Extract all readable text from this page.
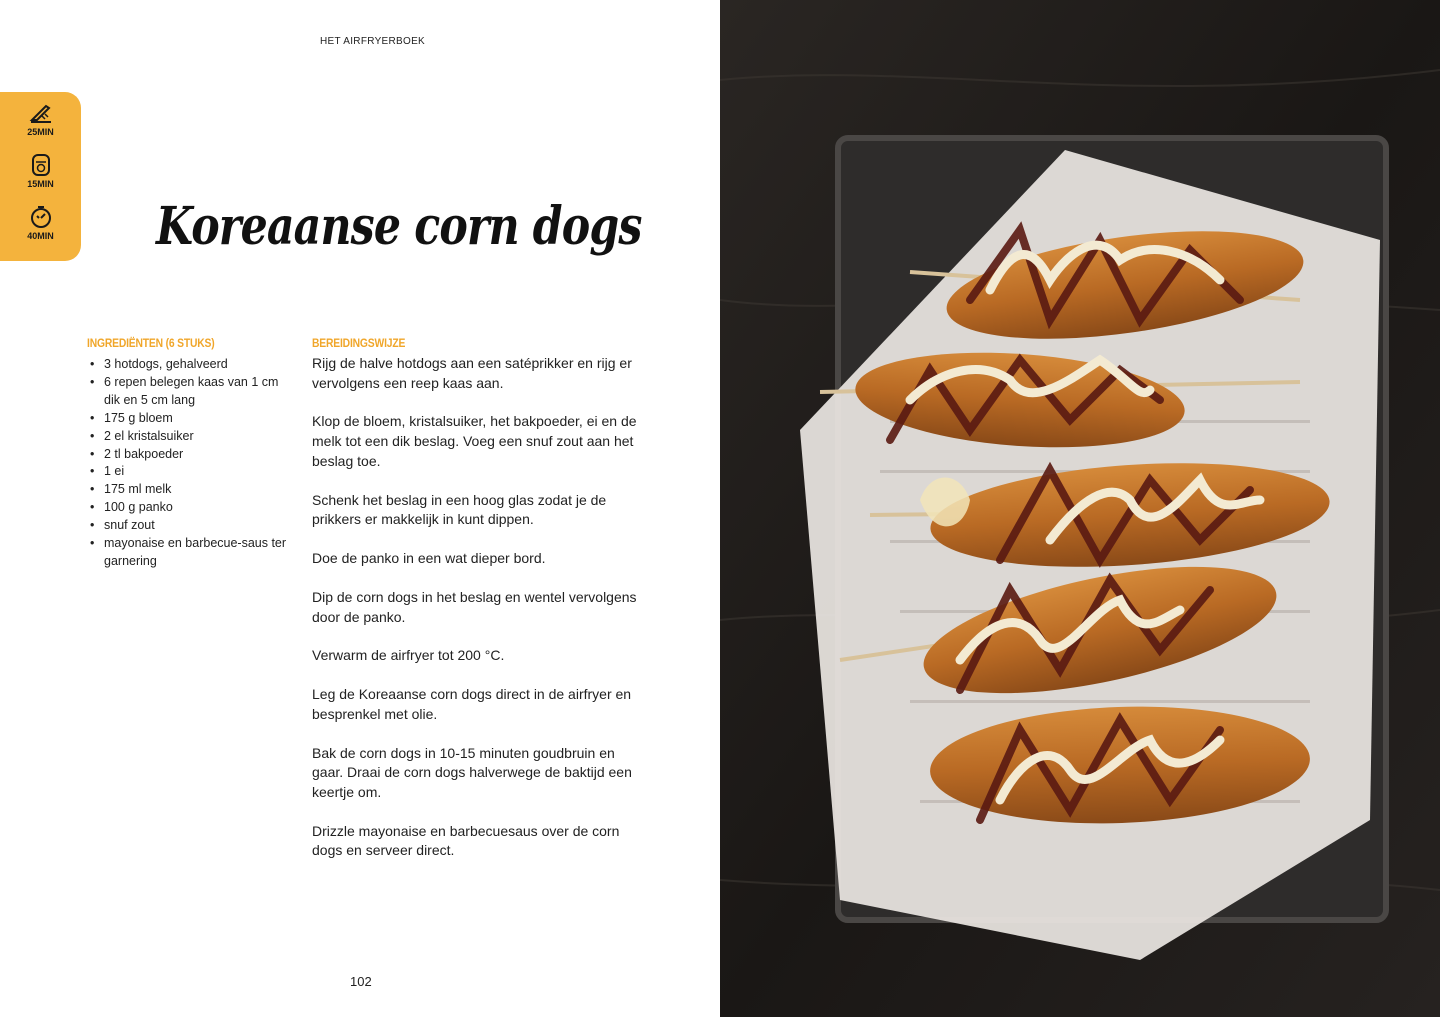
HET AIRFRYERBOEK
25MIN
15MIN
40MIN	Koreaanse corn dogs
INGREDIËNTEN (6 STUKS)
• 3 hotdogs, gehalveerd
• 6 repen belegen kaas van 1 cm dik en 5 cm lang
• 175 g bloem
• 2 el kristalsuiker
• 2 tl bakpoeder
• 1 ei
• 175 ml melk
• 100 g panko
• snuf zout
• mayonaise en barbecue-saus ter garnering
BEREIDINGSWIJZE

Rijg de halve hotdogs aan een satéprikker en rijg er vervolgens een reep kaas aan.

Klop de bloem, kristalsuiker, het bakpoeder, ei en de melk tot een dik beslag. Voeg een snuf zout aan het beslag toe.

Schenk het beslag in een hoog glas zodat je de prikkers er makkelijk in kunt dippen.

Doe de panko in een wat dieper bord.

Dip de corn dogs in het beslag en wentel vervolgens door de panko.

Verwarm de airfryer tot 200 °C.

Leg de Koreaanse corn dogs direct in de airfryer en besprenkel met olie.

Bak de corn dogs in 10-15 minuten goudbruin en gaar. Draai de corn dogs halverwege de baktijd een keertje om.

Drizzle mayonaise en barbecuesaus over de corn dogs en serveer direct.

102
